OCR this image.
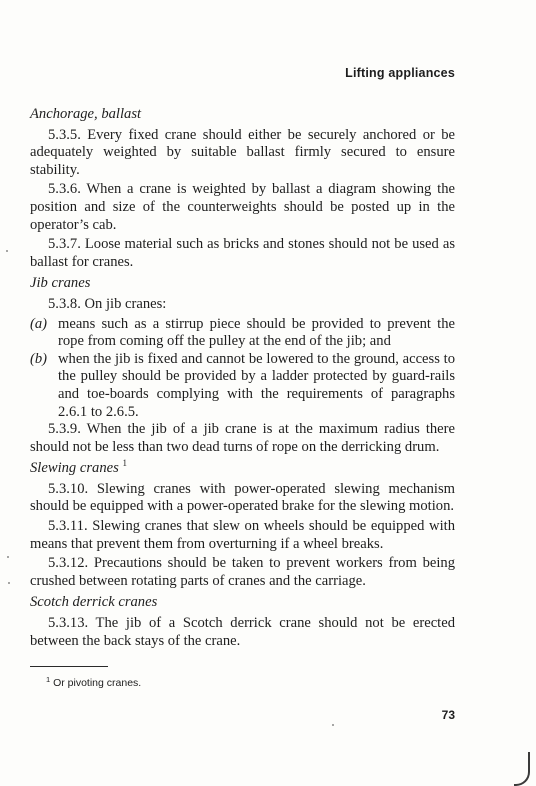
Lifting appliances
Anchorage, ballast

5.3.5. Every fixed crane should either be securely anchored or be adequately weighted by suitable ballast firmly secured to ensure stability.

5.3.6. When a crane is weighted by ballast a diagram showing the position and size of the counterweights should be posted up in the operator’s cab.

5.3.7. Loose material such as bricks and stones should not be used as ballast for cranes.

Jib cranes

5.3.8. On jib cranes:

(a) means such as a stirrup piece should be provided to prevent the rope from coming off the pulley at the end of the jib; and
(b) when the jib is fixed and cannot be lowered to the ground, access to the pulley should be provided by a ladder protected by guard-rails and toe-boards complying with the requirements of paragraphs 2.6.1 to 2.6.5.

5.3.9. When the jib of a jib crane is at the maximum radius there should not be less than two dead turns of rope on the derricking drum.

Slewing cranes $^1$

5.3.10. Slewing cranes with power-operated slewing mechanism should be equipped with a power-operated brake for the slewing motion.

5.3.11. Slewing cranes that slew on wheels should be equipped with means that prevent them from overturning if a wheel breaks.

5.3.12. Precautions should be taken to prevent workers from being crushed between rotating parts of cranes and the carriage.

Scotch derrick cranes

5.3.13. The jib of a Scotch derrick crane should not be erected between the back stays of the crane.

$^1$ Or pivoting cranes.
73
